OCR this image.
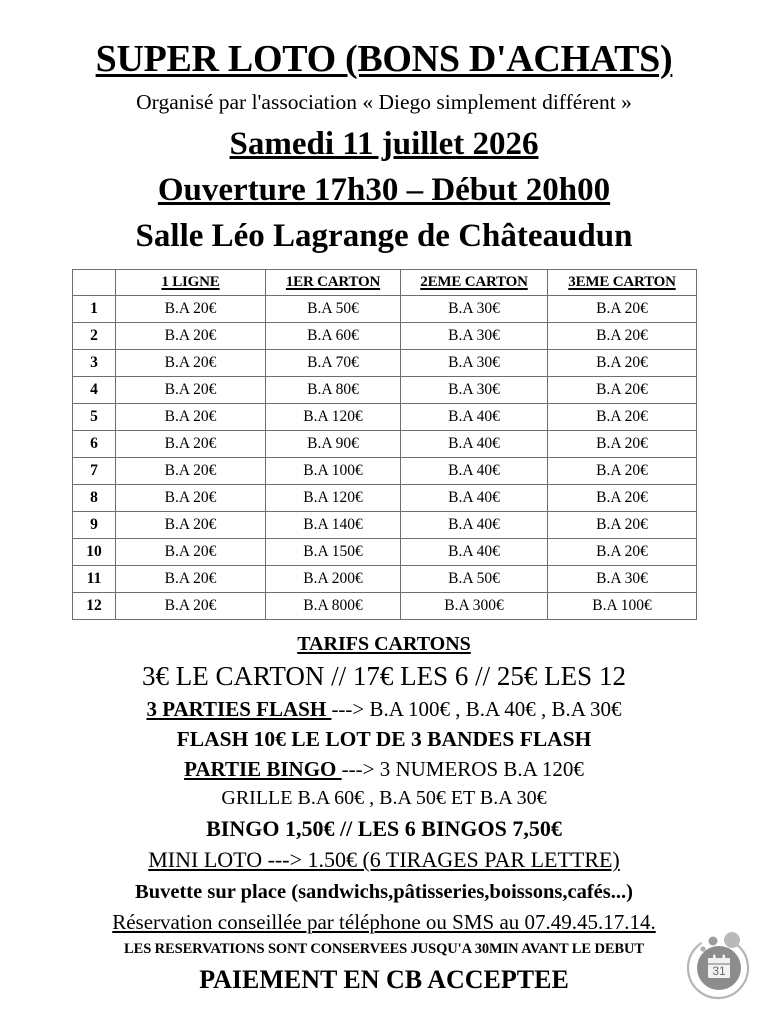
SUPER LOTO (BONS D'ACHATS)
Organisé par l'association « Diego simplement différent »
Samedi 11 juillet 2026
Ouverture 17h30 – Début 20h00
Salle Léo Lagrange de Châteaudun
	1 LIGNE	1ER CARTON	2EME CARTON	3EME CARTON
1	B.A 20€	B.A 50€	B.A 30€	B.A 20€
2	B.A 20€	B.A 60€	B.A 30€	B.A 20€
3	B.A 20€	B.A 70€	B.A 30€	B.A 20€
4	B.A 20€	B.A 80€	B.A 30€	B.A 20€
5	B.A 20€	B.A 120€	B.A 40€	B.A 20€
6	B.A 20€	B.A 90€	B.A 40€	B.A 20€
7	B.A 20€	B.A 100€	B.A 40€	B.A 20€
8	B.A 20€	B.A 120€	B.A 40€	B.A 20€
9	B.A 20€	B.A 140€	B.A 40€	B.A 20€
10	B.A 20€	B.A 150€	B.A 40€	B.A 20€
11	B.A 20€	B.A 200€	B.A 50€	B.A 30€
12	B.A 20€	B.A 800€	B.A 300€	B.A 100€
TARIFS CARTONS
3€ LE CARTON // 17€ LES 6 // 25€ LES 12
3 PARTIES FLASH ---> B.A 100€ , B.A 40€ , B.A 30€
FLASH 10€ LE LOT DE 3 BANDES FLASH
PARTIE BINGO ---> 3 NUMEROS B.A 120€
GRILLE B.A 60€ , B.A 50€ ET B.A 30€
BINGO 1,50€ // LES 6 BINGOS 7,50€
MINI LOTO ---> 1.50€ (6 TIRAGES PAR LETTRE)
Buvette sur place (sandwichs,pâtisseries,boissons,cafés...)
Réservation conseillée par téléphone ou SMS au 07.49.45.17.14.
LES RESERVATIONS SONT CONSERVEES JUSQU'A 30MIN AVANT LE DEBUT
PAIEMENT EN CB ACCEPTEE	31
